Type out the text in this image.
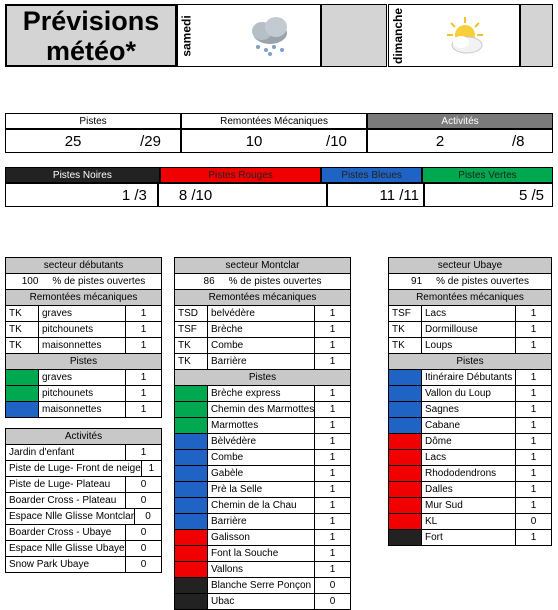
Prévisions
météo*	samedi	dimanche
Pistes	Remontées Mécaniques	Activités
25	/29	10	/10	2	/8
Pistes Noires	Pistes Rouges	Pistes Bleues	Pistes Vertes
1 /3	8 /10	11 /11	5 /5
secteur débutants
100 % de pistes ouvertes
Remontées mécaniques
TK	graves	1
TK	pitchounets	1
TK	maisonnettes	1
Pistes
graves	1
pitchounets	1
maisonnettes	1
Activités
Jardin d'enfant	1
Piste de Luge- Front de neige 1
Piste de Luge- Plateau	0
Boarder Cross - Plateau	0
Espace Nlle Glisse Montclar	0
Boarder Cross - Ubaye	0
Espace Nlle Glisse Ubaye	0
Snow Park Ubaye	0
secteur Montclar
86 % de pistes ouvertes
Remontées mécaniques
TSD	belvédère	1
TSF	Brèche	1
TK	Combe	1
TK	Barrière	1
Pistes
Brèche express	1
Chemin des Marmottes	1
Marmottes	1
Bèlvédère	1
Combe	1
Gabèle	1
Prè la Selle	1
Chemin de la Chau	1
Barrière	1
Galisson	1
Font la Souche	1
Vallons	1
Blanche Serre Ponçon	0
Ubac	0
secteur Ubaye
91 % de pistes ouvertes
Remontées mécaniques
TSF	Lacs	1
TK	Dormillouse	1
TK	Loups	1
Pistes
Itinéraire Débutants	1
Vallon du Loup	1
Sagnes	1
Cabane	1
Dôme	1
Lacs	1
Rhododendrons	1
Dalles	1
Mur Sud	1
KL	0
Fort	1
